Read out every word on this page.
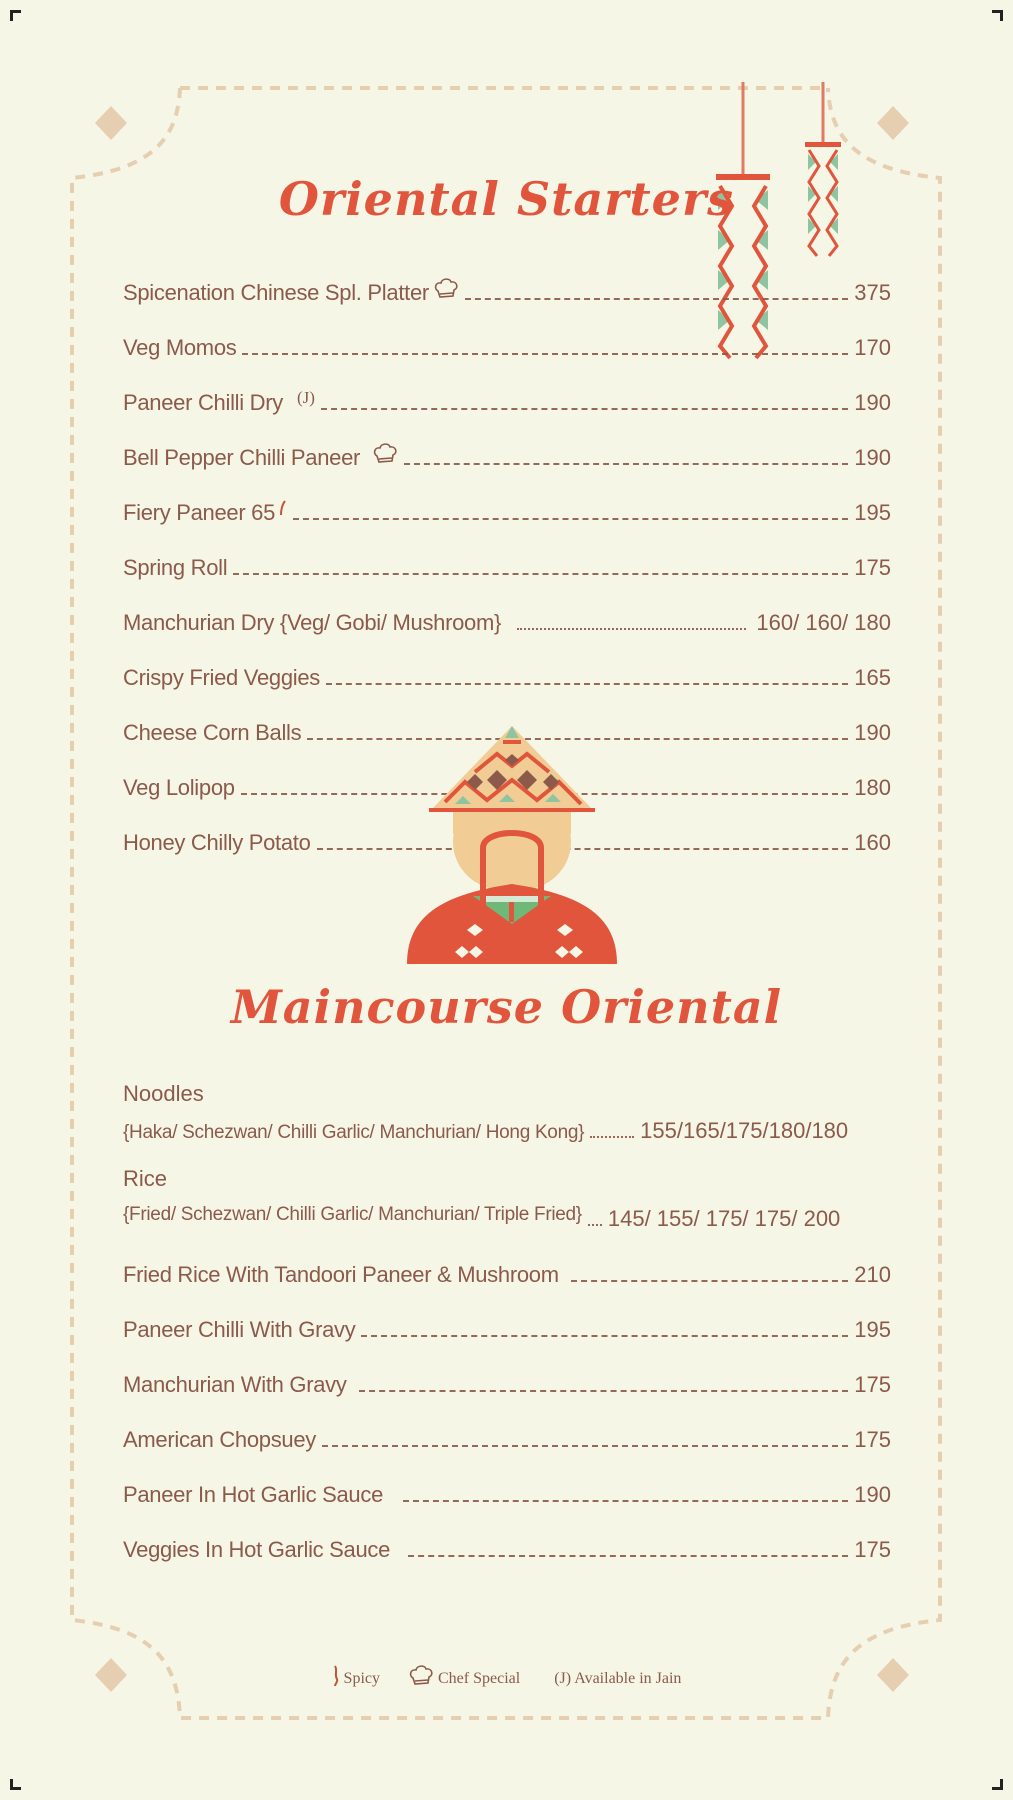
Oriental Starters
Spicenation Chinese Spl. Platter	375
Veg Momos	170
Paneer Chilli Dry (J)	190
Bell Pepper Chilli Paneer	190
Fiery Paneer 65	195
Spring Roll	175
Manchurian Dry {Veg/ Gobi/ Mushroom}	160/ 160/ 180
Crispy Fried Veggies	165
Cheese Corn Balls	190
Veg Lolipop	180
Honey Chilly Potato	160
Maincourse Oriental
Noodles
{Haka/ Schezwan/ Chilli Garlic/ Manchurian/ Hong Kong}	155/165/175/180/180
Rice
{Fried/ Schezwan/ Chilli Garlic/ Manchurian/ Triple Fried} 145/ 155/ 175/ 175/ 200
Fried Rice With Tandoori Paneer & Mushroom	210
Paneer Chilli With Gravy	195
Manchurian With Gravy	175
American Chopsuey	175
Paneer In Hot Garlic Sauce	190
Veggies In Hot Garlic Sauce	175
Spicy	Chef Special (J) Available in Jain
